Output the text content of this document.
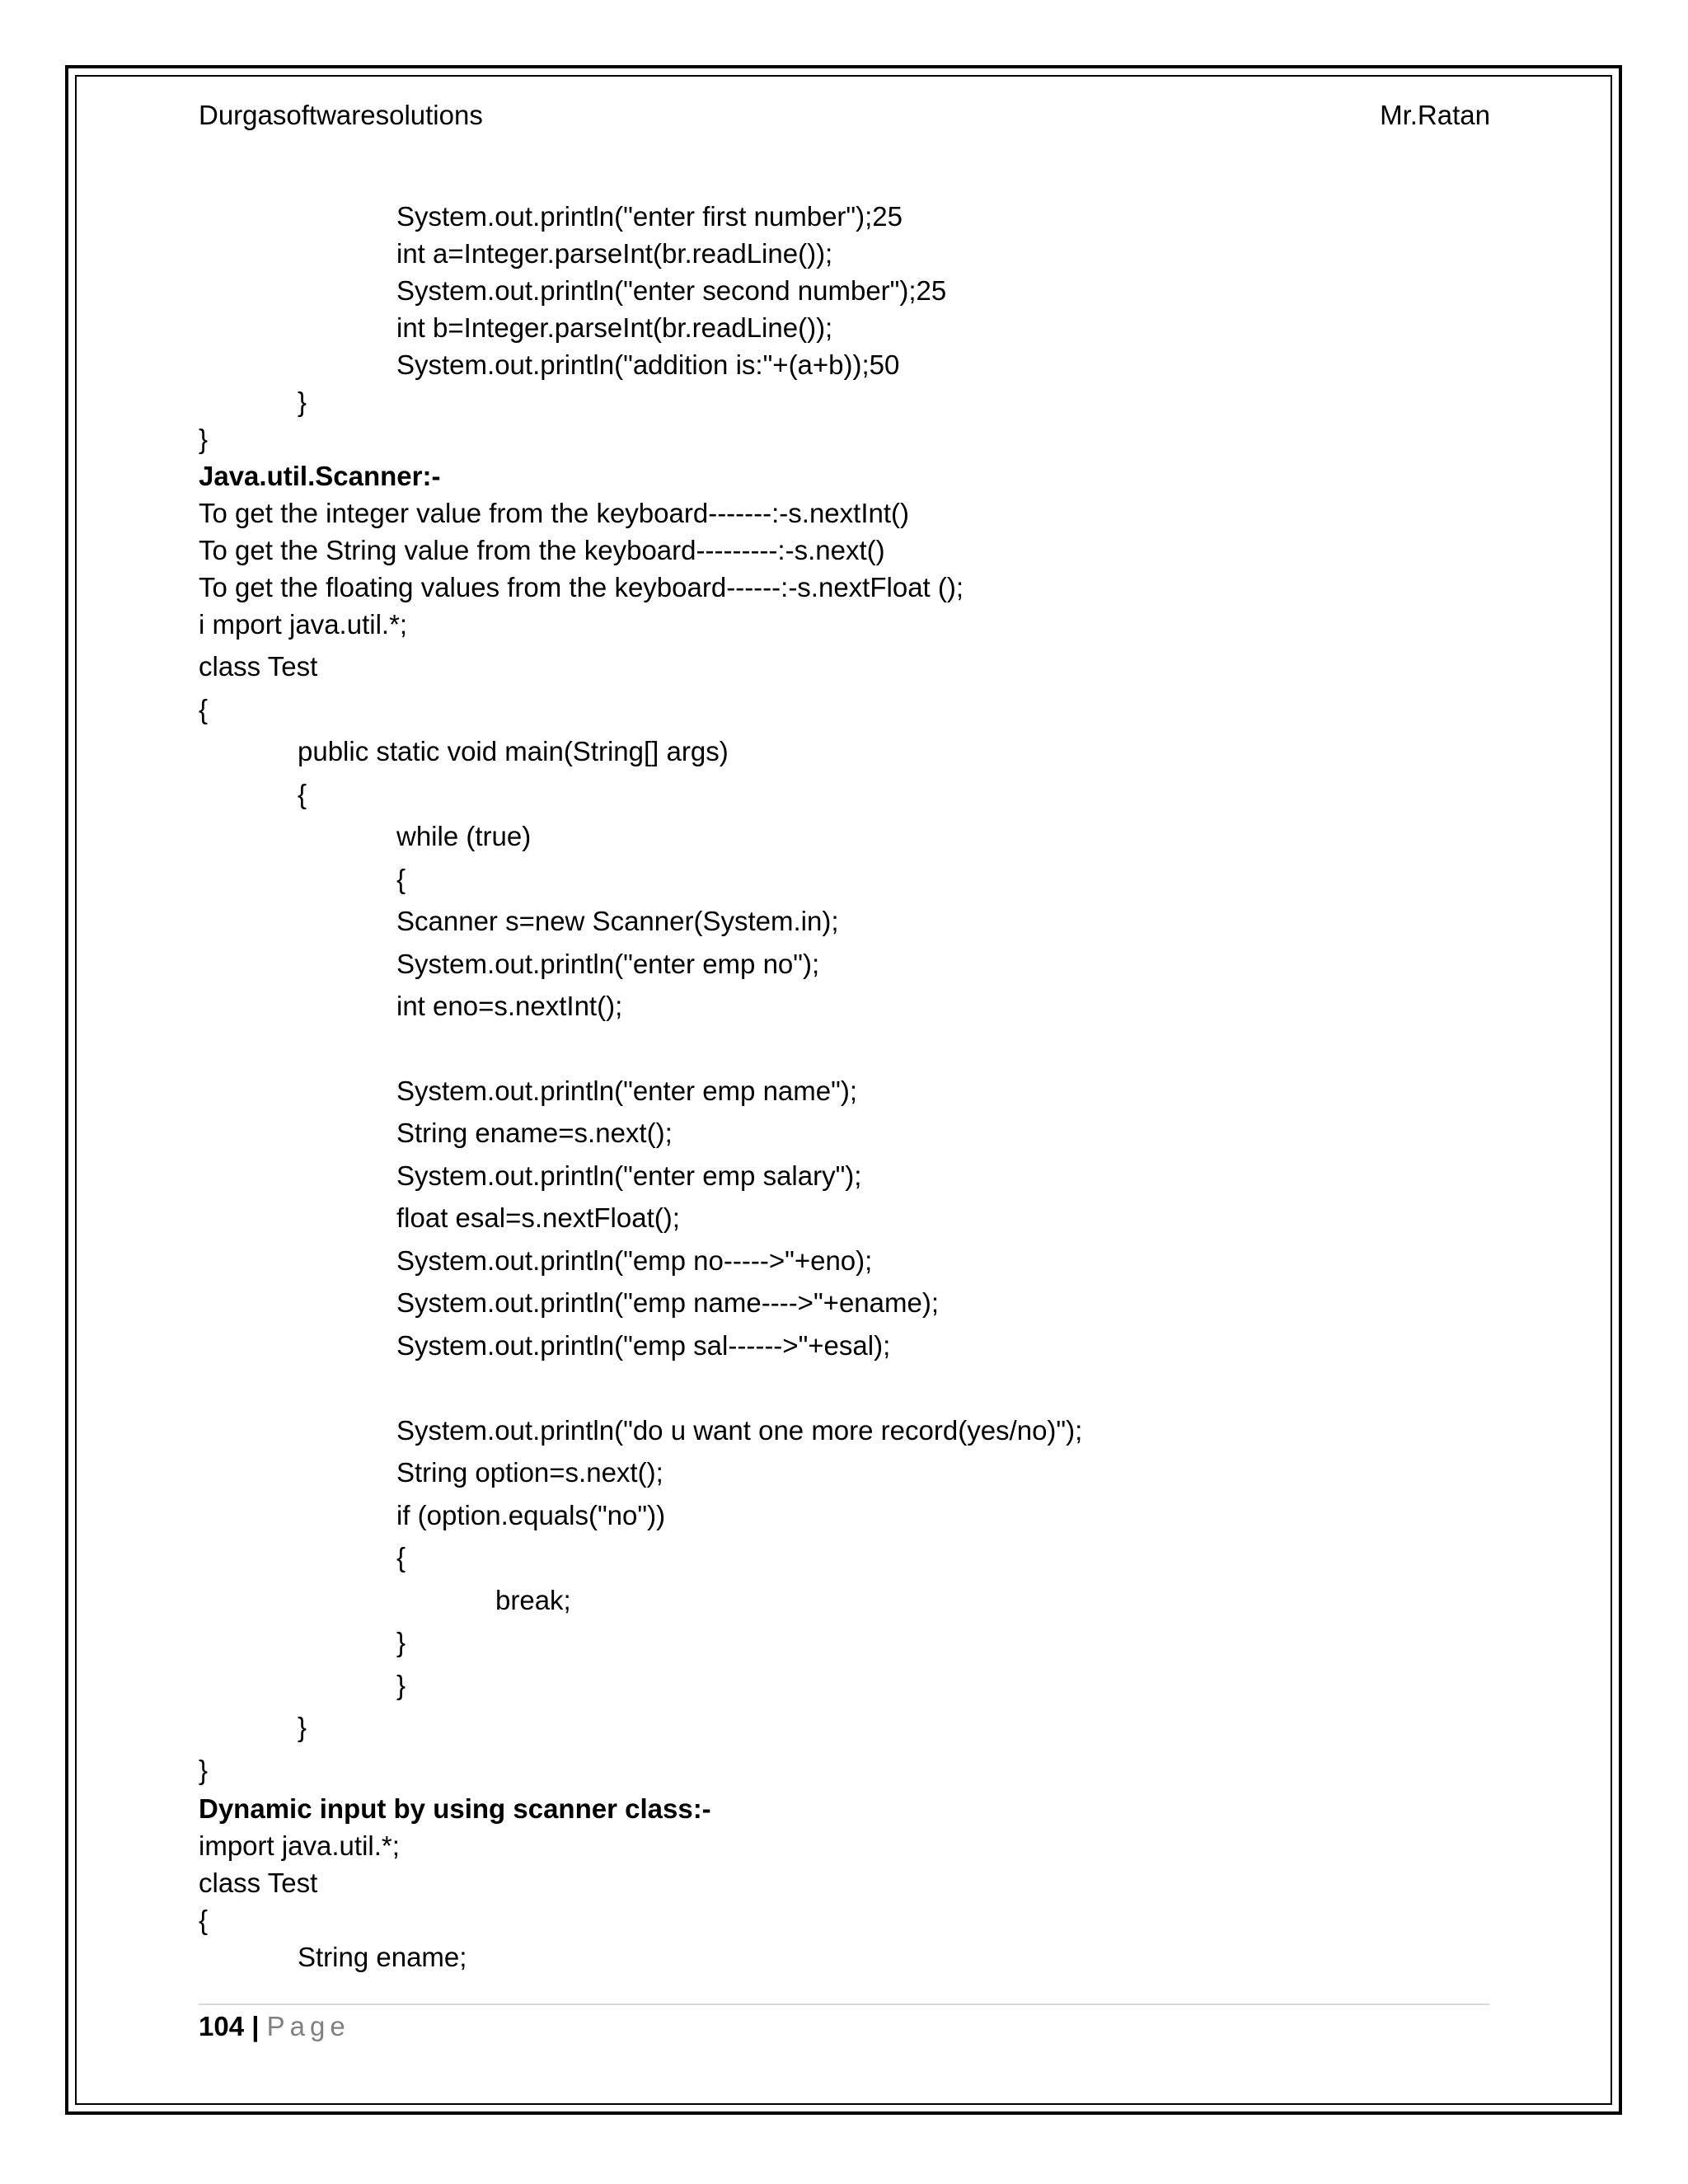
Durgasoftwaresolutions	Mr.Ratan
System.out.println("enter first number");25
int a=Integer.parseInt(br.readLine());
System.out.println("enter second number");25
int b=Integer.parseInt(br.readLine());
System.out.println("addition is:"+(a+b));50
}
}
Java.util.Scanner:-
To get the integer value from the keyboard-------:-s.nextInt()
To get the String value from the keyboard---------:-s.next()
To get the floating values from the keyboard------:-s.nextFloat ();
i mport java.util.*;
class Test
{
public static void main(String[] args)
{
while (true)
{
Scanner s=new Scanner(System.in);
System.out.println("enter emp no");
int eno=s.nextInt();
System.out.println("enter emp name");
String ename=s.next();
System.out.println("enter emp salary");
float esal=s.nextFloat();
System.out.println("emp no----->"+eno);
System.out.println("emp name---->"+ename);
System.out.println("emp sal------>"+esal);
System.out.println("do u want one more record(yes/no)");
String option=s.next();
if (option.equals("no"))
{
break;
}
}
}
}
Dynamic input by using scanner class:-
import java.util.*;
class Test
{
String ename;
104 | Page
